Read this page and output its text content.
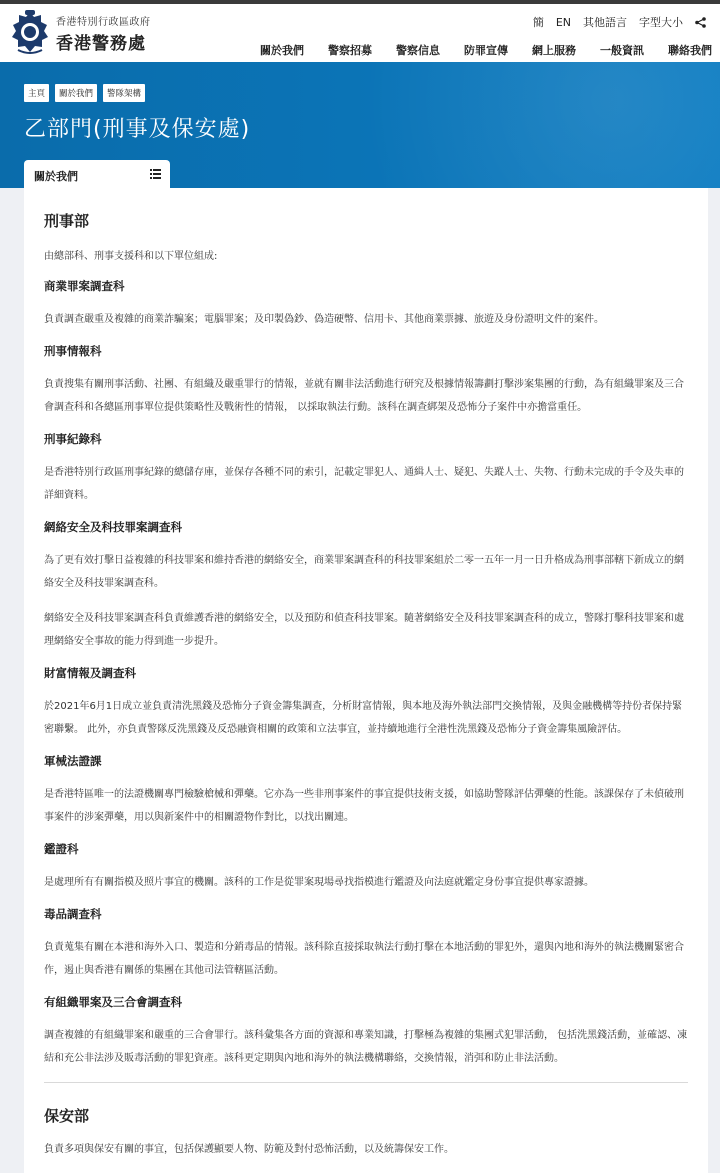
香港特別行政區政府
香港警務處
簡 EN 其他語言 字型大小
關於我們 警察招募 警察信息 防罪宣傳 網上服務 一般資訊 聯絡我們
主頁	關於我們	警隊架構
乙部門(刑事及保安處)
關於我們
刑事部
由總部科、刑事支援科和以下單位組成:
商業罪案調查科

負責調查嚴重及複雜的商業詐騙案；電腦罪案；及印製偽鈔、偽造硬幣、信用卡、其他商業票據、旅遊及身份證明文件的案件。

刑事情報科

負責搜集有關刑事活動、社團、有組織及嚴重罪行的情報，並就有關非法活動進行研究及根據情報籌劃打擊涉案集團的行動，為有組織罪案及三合會調查科和各總區刑事單位提供策略性及戰術性的情報， 以採取執法行動。該科在調查綁架及恐怖分子案件中亦擔當重任。

刑事紀錄科

是香港特別行政區刑事紀錄的總儲存庫，並保存各種不同的索引，記載定罪犯人、通緝人士、疑犯、失蹤人士、失物、行動未完成的手令及失車的詳細資料。

網絡安全及科技罪案調查科

為了更有效打擊日益複雜的科技罪案和維持香港的網絡安全，商業罪案調查科的科技罪案組於二零一五年一月一日升格成為刑事部轄下新成立的網絡安全及科技罪案調查科。

網絡安全及科技罪案調查科負責維護香港的網絡安全，以及預防和偵查科技罪案。隨著網絡安全及科技罪案調查科的成立，警隊打擊科技罪案和處理網絡安全事故的能力得到進一步提升。

財富情報及調查科

於2021年6月1日成立並負責清洗黑錢及恐怖分子資金籌集調查，分析財富情報，與本地及海外執法部門交換情報，及與金融機構等持份者保持緊密聯繫。 此外，亦負責警隊反洗黑錢及反恐融資相關的政策和立法事宜，並持續地進行全港性洗黑錢及恐怖分子資金籌集風險評估。

軍械法證課

是香港特區唯一的法證機關專門檢驗槍械和彈藥。它亦為一些非刑事案件的事宜提供技術支援，如協助警隊評估彈藥的性能。該課保存了未偵破刑事案件的涉案彈藥，用以與新案件中的相關證物作對比，以找出關連。

鑑證科

是處理所有有關指模及照片事宜的機關。該科的工作是從罪案現場尋找指模進行鑑證及向法庭就鑑定身份事宜提供專家證據。

毒品調查科

負責蒐集有關在本港和海外入口、製造和分銷毒品的情報。該科除直接採取執法行動打擊在本地活動的罪犯外，還與內地和海外的執法機關緊密合作，遏止與香港有關係的集團在其他司法管轄區活動。

有組織罪案及三合會調查科

調查複雜的有組織罪案和嚴重的三合會罪行。該科彙集各方面的資源和專業知識，打擊極為複雜的集團式犯罪活動， 包括洗黑錢活動，並確認、凍結和充公非法涉及販毒活動的罪犯資產。該科更定期與內地和海外的執法機構聯絡，交換情報，消弭和防止非法活動。

保安部
負責多項與保安有關的事宜，包括保護顯要人物、防範及對付恐怖活動，以及統籌保安工作。
